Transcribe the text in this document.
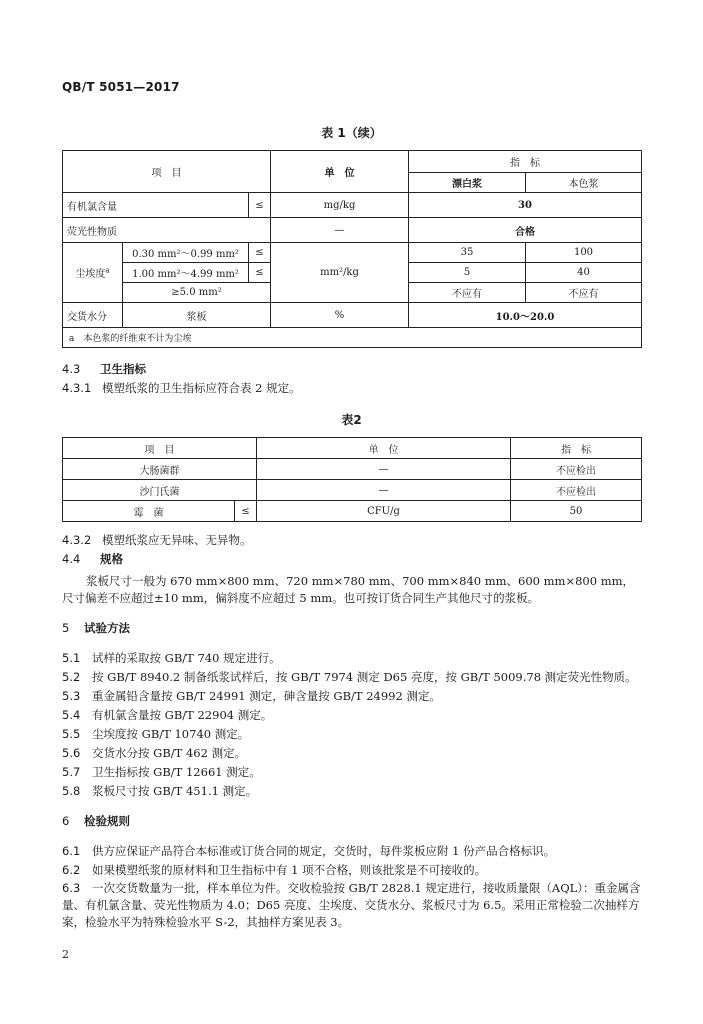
QB/T 5051—2017
表 1（续）
项　目			单　位	指　标	
				漂白浆	本色浆
有机氯含量		≤	mg/kg	30	
荧光性物质			—	合格	
尘埃度$^a$	0.30 mm²～0.99 mm²	≤	mm²/kg	35	100
	1.00 mm²～4.99 mm²	≤		5	40
	≥5.0 mm²			不应有	不应有
交货水分	浆板		%	10.0～20.0	
a　本色浆的纤维束不计为尘埃					
4.3 卫生指标
4.3.1 模塑纸浆的卫生指标应符合表 2 规定。
表2
项　目		单　位	指　标
大肠菌群		—	不应检出
沙门氏菌		—	不应检出
霉　菌	≤	CFU/g	50
4.3.2 模塑纸浆应无异味、无异物。
4.4 规格
浆板尺寸一般为 670 mm×800 mm、720 mm×780 mm、700 mm×840 mm、600 mm×800 mm，尺寸偏差不应超过±10 mm，偏斜度不应超过 5 mm。也可按订货合同生产其他尺寸的浆板。
5 试验方法
5.1 试样的采取按 GB/T 740 规定进行。
5.2 按 GB/T 8940.2 制备纸浆试样后，按 GB/T 7974 测定 D65 亮度，按 GB/T 5009.78 测定荧光性物质。
5.3 重金属铅含量按 GB/T 24991 测定，砷含量按 GB/T 24992 测定。
5.4 有机氯含量按 GB/T 22904 测定。
5.5 尘埃度按 GB/T 10740 测定。
5.6 交货水分按 GB/T 462 测定。
5.7 卫生指标按 GB/T 12661 测定。
5.8 浆板尺寸按 GB/T 451.1 测定。
6 检验规则
6.1 供方应保证产品符合本标准或订货合同的规定，交货时，每件浆板应附 1 份产品合格标识。
6.2 如果模塑纸浆的原材料和卫生指标中有 1 项不合格，则该批浆是不可接收的。
6.3 一次交货数量为一批，样本单位为件。交收检验按 GB/T 2828.1 规定进行，接收质量限（AQL）：重金属含量、有机氯含量、荧光性物质为 4.0；D65 亮度、尘埃度、交货水分、浆板尺寸为 6.5。采用正常检验二次抽样方案，检验水平为特殊检验水平 S-2，其抽样方案见表 3。
2
